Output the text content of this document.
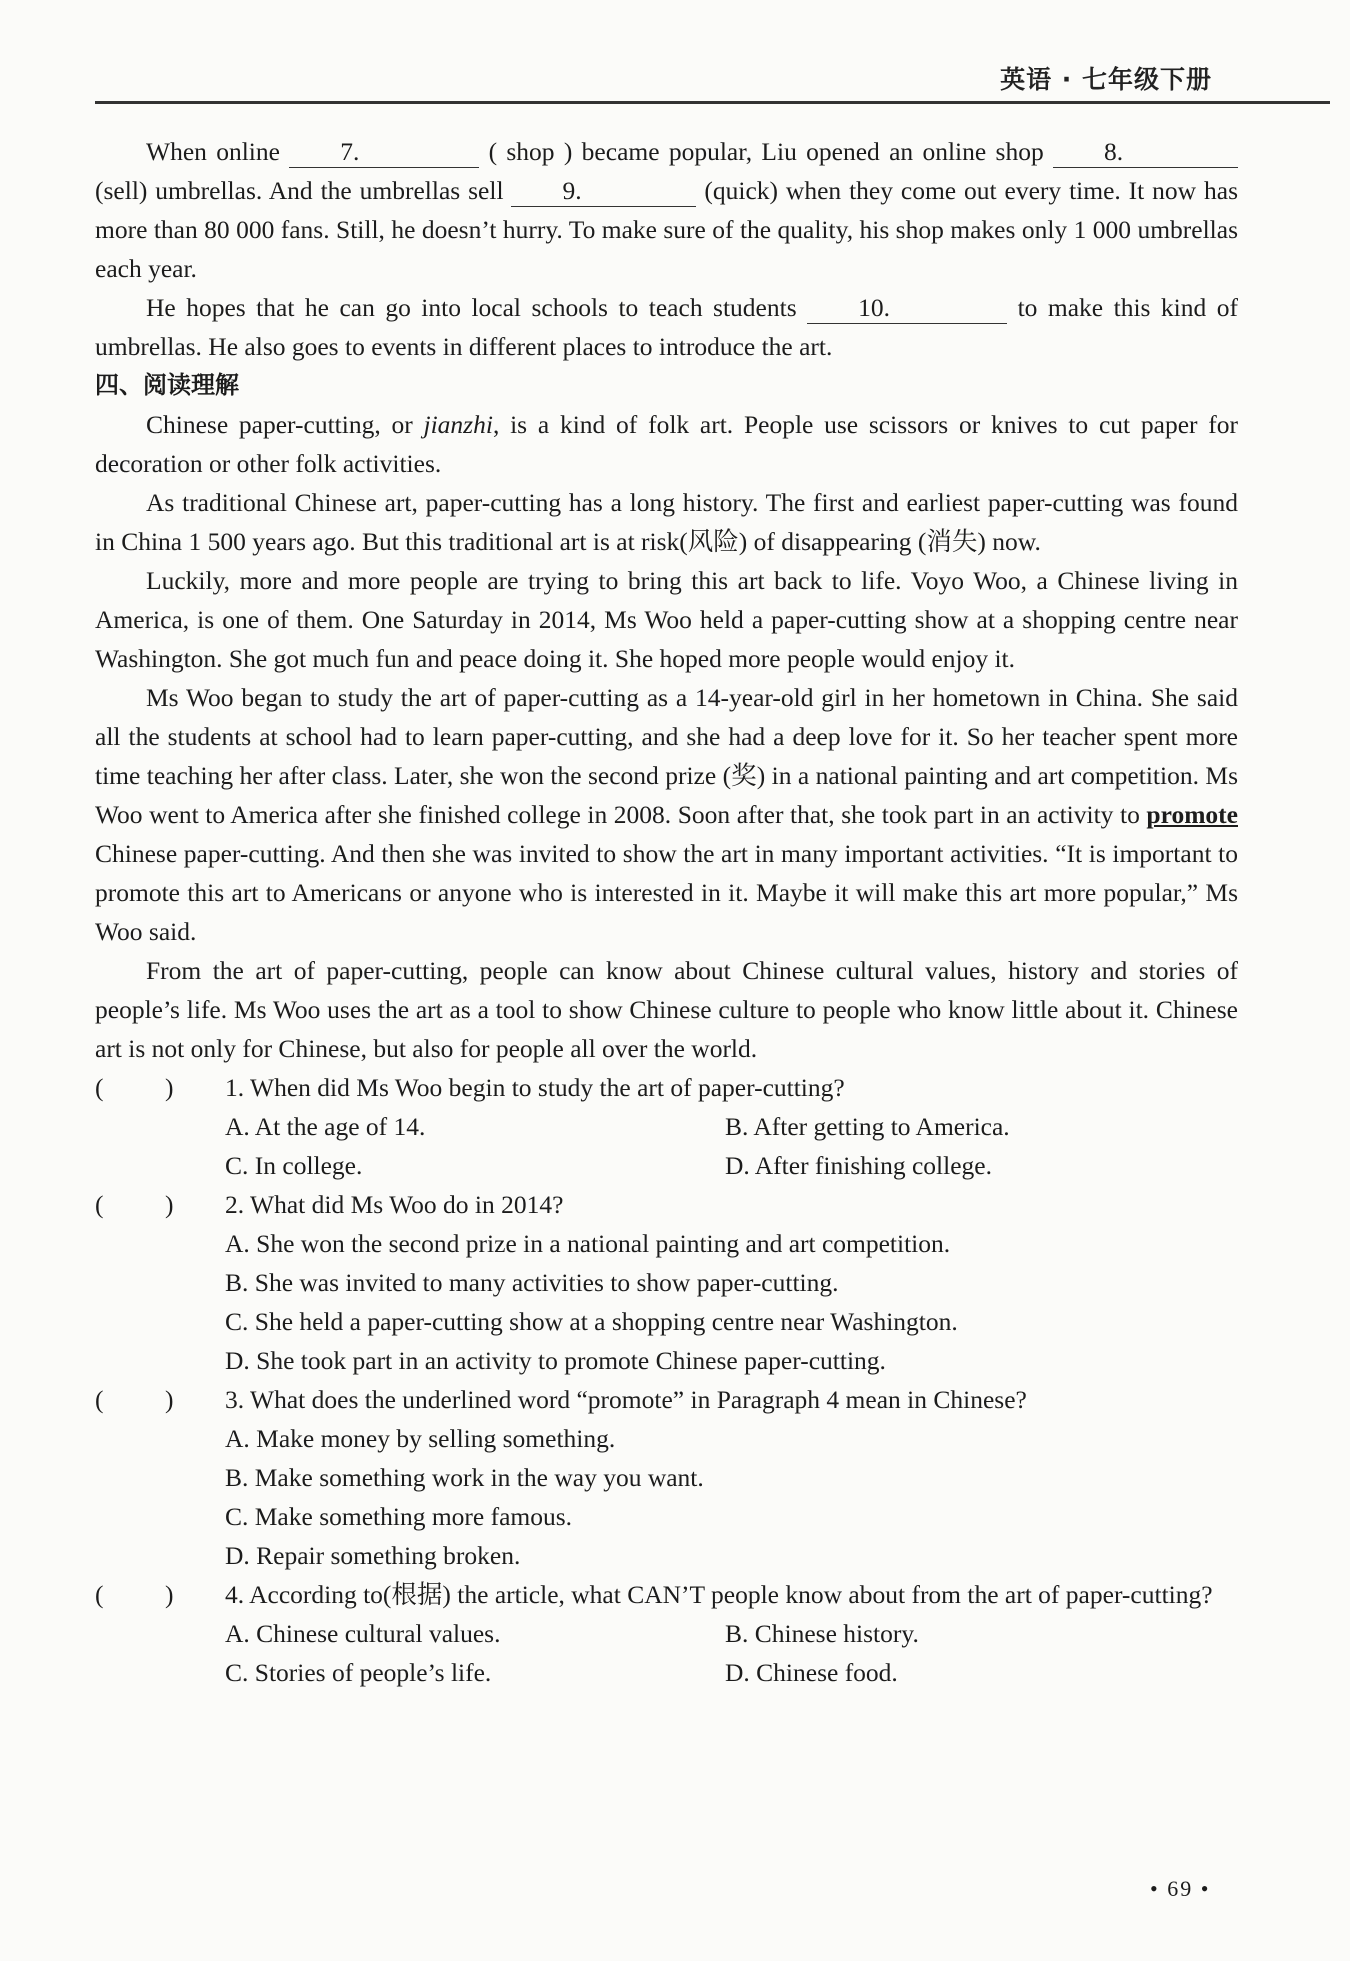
英语 · 七年级下册

When online 7.	( shop ) became popular, Liu opened an online shop 8.(sell) umbrellas. And the umbrellas sell 9.	(quick) when they come out every time. It now has more than 80 000 fans. Still, he doesn’t hurry. To make sure of the quality, his shop makes only 1 000 umbrellas each year.

He hopes that he can go into local schools to teach students 10.	to make this kind of umbrellas. He also goes to events in different places to introduce the art.

四、阅读理解

Chinese paper-cutting, or jianzhi, is a kind of folk art. People use scissors or knives to cut paper for decoration or other folk activities.

As traditional Chinese art, paper-cutting has a long history. The first and earliest paper-cutting was found in China 1 500 years ago. But this traditional art is at risk(风险) of disappearing (消失) now.

Luckily, more and more people are trying to bring this art back to life. Voyo Woo, a Chinese living in America, is one of them. One Saturday in 2014, Ms Woo held a paper-cutting show at a shopping centre near Washington. She got much fun and peace doing it. She hoped more people would enjoy it.

Ms Woo began to study the art of paper-cutting as a 14-year-old girl in her hometown in China. She said all the students at school had to learn paper-cutting, and she had a deep love for it. So her teacher spent more time teaching her after class. Later, she won the second prize (奖) in a national painting and art competition. Ms Woo went to America after she finished college in 2008. Soon after that, she took part in an activity to promote Chinese paper-cutting. And then she was invited to show the art in many important activities. “It is important to promote this art to Americans or anyone who is interested in it. Maybe it will make this art more popular,” Ms Woo said.

From the art of paper-cutting, people can know about Chinese cultural values, history and stories of people’s life. Ms Woo uses the art as a tool to show Chinese culture to people who know little about it. Chinese art is not only for Chinese, but also for people all over the world.

( ) 1. When did Ms Woo begin to study the art of paper-cutting?

A. At the age of 14.	B. After getting to America.
C. In college.	D. After finishing college.

( ) 2. What did Ms Woo do in 2014?

A. She won the second prize in a national painting and art competition.
B. She was invited to many activities to show paper-cutting.
C. She held a paper-cutting show at a shopping centre near Washington.
D. She took part in an activity to promote Chinese paper-cutting.

( ) 3. What does the underlined word “promote” in Paragraph 4 mean in Chinese?

A. Make money by selling something.
B. Make something work in the way you want.
C. Make something more famous.
D. Repair something broken.

( ) 4. According to(根据) the article, what CAN’T people know about from the art of paper-cutting?

A. Chinese cultural values.	B. Chinese history.
C. Stories of people’s life.	D. Chinese food.
• 69 •
